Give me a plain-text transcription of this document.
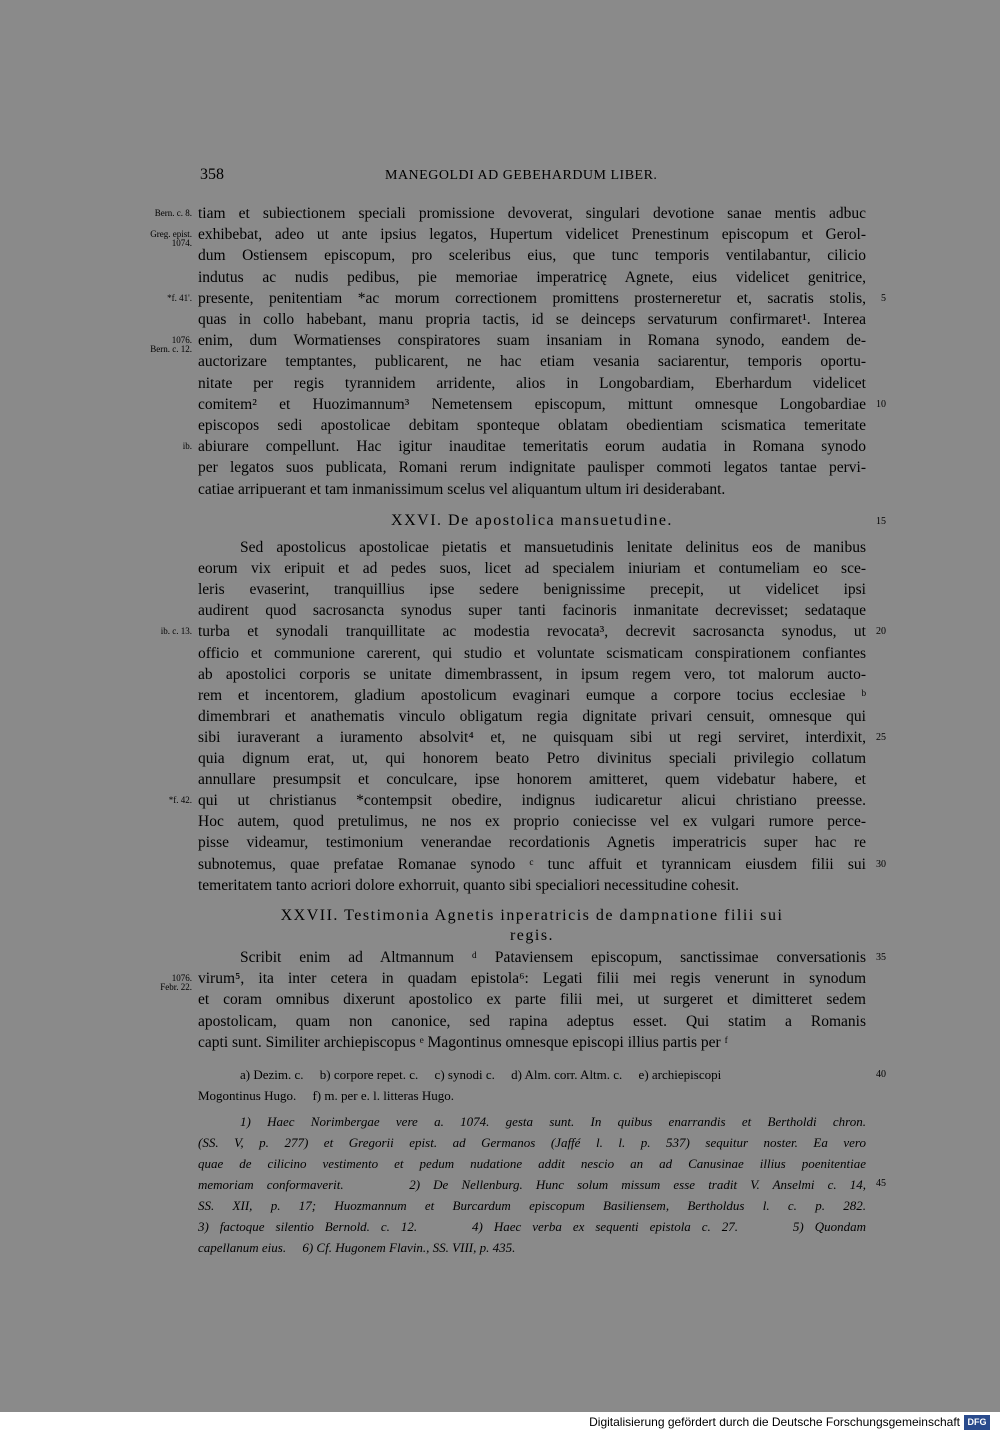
358	MANEGOLDI AD GEBEHARDUM LIBER.
tiam et subiectionem speciali promissione devoverat, singulari devotione sanae mentis adbuc
exhibebat, adeo ut ante ipsius legatos, Hupertum videlicet Prenestinum episcopum et Gerol-
dum Ostiensem episcopum, pro sceleribus eius, que tunc temporis ventilabantur, cilicio
indutus ac nudis pedibus, pie memoriae imperatricę Agnete, eius videlicet genitrice,
presente, penitentiam *ac morum correctionem promittens prosterneretur et, sacratis stolis,
quas in collo habebant, manu propria tactis, id se deinceps servaturum confirmaret¹. Interea
enim, dum Wormatienses conspiratores suam insaniam in Romana synodo, eandem de-
auctorizare temptantes, publicarent, ne hac etiam vesania saciarentur, temporis oportu-
nitate per regis tyrannidem arridente, alios in Longobardiam, Eberhardum videlicet
comitem² et Huozimannum³ Nemetensem episcopum, mittunt omnesque Longobardiae
episcopos sedi apostolicae debitam sponteque oblatam obedientiam scismatica temeritate
abiurare compellunt. Hac igitur inauditae temeritatis eorum audatia in Romana synodo
per legatos suos publicata, Romani rerum indignitate paulisper commoti legatos tantae pervi-
catiae arripuerant et tam inmanissimum scelus vel aliquantum ultum iri desiderabant.
Bern. c. 8.
Greg. epist.
1074.
*f. 41'.
1076.
Bern. c. 12.
ib.
5
10
XXVI. De apostolica mansuetudine.	15
Sed apostolicus apostolicae pietatis et mansuetudinis lenitate delinitus eos de manibus
eorum vix eripuit et ad pedes suos, licet ad specialem iniuriam et contumeliam eo sce-
leris evaserint, tranquillius ipse sedere benignissime precepit, ut videlicet ipsi
audirent quod sacrosancta synodus super tanti facinoris inmanitate decrevisset; sedataque
turba et synodali tranquillitate ac modestia revocata³, decrevit sacrosancta synodus, ut
officio et communione carerent, qui studio et voluntate scismaticam conspirationem confiantes
ab apostolici corporis se unitate dimembrassent, in ipsum regem vero, tot malorum aucto-
rem et incentorem, gladium apostolicum evaginari eumque a corpore tocius ecclesiae ᵇ
dimembrari et anathematis vinculo obligatum regia dignitate privari censuit, omnesque qui
sibi iuraverant a iuramento absolvit⁴ et, ne quisquam sibi ut regi serviret, interdixit,
quia dignum erat, ut, qui honorem beato Petro divinitus speciali privilegio collatum
annullare presumpsit et conculcare, ipse honorem amitteret, quem videbatur habere, et
qui ut christianus *contempsit obedire, indignus iudicaretur alicui christiano preesse.
Hoc autem, quod pretulimus, ne nos ex proprio coniecisse vel ex vulgari rumore perce-
pisse videamur, testimonium venerandae recordationis Agnetis imperatricis super hac re
subnotemus, quae prefatae Romanae synodo ᶜ tunc affuit et tyrannicam eiusdem filii sui
temeritatem tanto acriori dolore exhorruit, quanto sibi specialiori necessitudine cohesit.
ib. c. 13.
*f. 42.
20
25
30
XXVII. Testimonia Agnetis inperatricis de dampnatione filii sui
regis.
Scribit enim ad Altmannum ᵈ Pataviensem episcopum, sanctissimae conversationis
virum⁵, ita inter cetera in quadam epistola⁶: Legati filii mei regis venerunt in synodum
et coram omnibus dixerunt apostolico ex parte filii mei, ut surgeret et dimitteret sedem
apostolicam, quam non canonice, sed rapina adeptus esset. Qui statim a Romanis
capti sunt. Similiter archiepiscopus ᵉ Magontinus omnesque episcopi illius partis per ᶠ
1076.
Febr. 22.
35
40
a) Dezim. c.     b) corpore repet. c.     c) synodi c.     d) Alm. corr. Altm. c.     e) archiepiscopi
Mogontinus Hugo.     f) m. per e. l. litteras Hugo.
45
1) Haec Norimbergae vere a. 1074. gesta sunt. In quibus enarrandis et Bertholdi chron.
(SS. V, p. 277) et Gregorii epist. ad Germanos (Jaffé l. l. p. 537) sequitur noster. Ea vero
quae de cilicino vestimento et pedum nudatione addit nescio an ad Canusinae illius poenitentiae
memoriam conformaverit.     2) De Nellenburg. Hunc solum missum esse tradit V. Anselmi c. 14,
SS. XII, p. 17; Huozmannum et Burcardum episcopum Basiliensem, Bertholdus l. c. p. 282.
3) factoque silentio Bernold. c. 12.     4) Haec verba ex sequenti epistola c. 27.     5) Quondam
capellanum eius.     6) Cf. Hugonem Flavin., SS. VIII, p. 435.
Digitalisierung gefördert durch die Deutsche Forschungsgemeinschaft DFG
